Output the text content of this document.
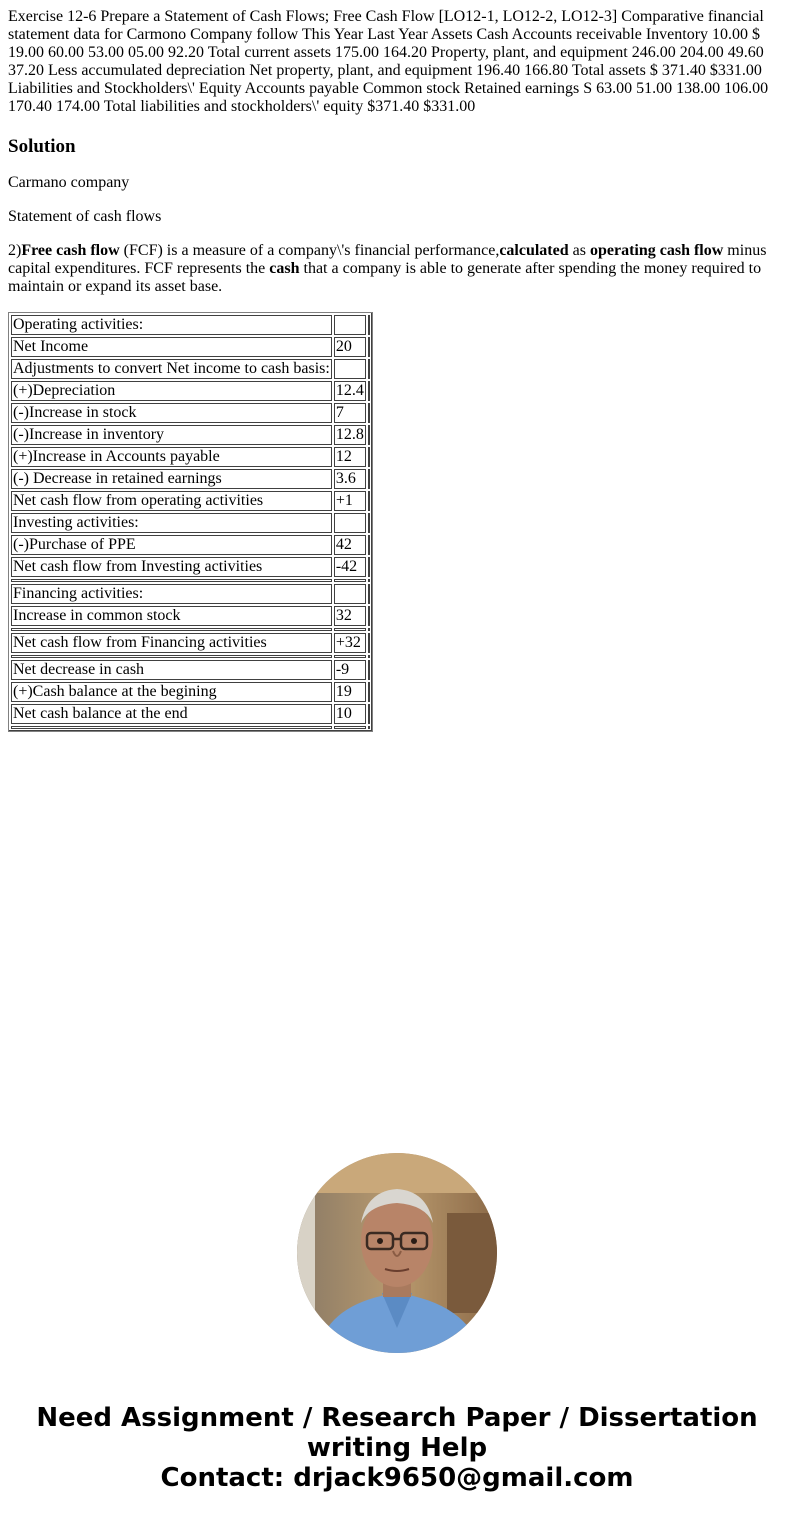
Exercise 12-6 Prepare a Statement of Cash Flows; Free Cash Flow [LO12-1, LO12-2, LO12-3] Comparative financial statement data for Carmono Company follow This Year Last Year Assets Cash Accounts receivable Inventory 10.00 $ 19.00 60.00 53.00 05.00 92.20 Total current assets 175.00 164.20 Property, plant, and equipment 246.00 204.00 49.60 37.20 Less accumulated depreciation Net property, plant, and equipment 196.40 166.80 Total assets $ 371.40 $331.00 Liabilities and Stockholders\' Equity Accounts payable Common stock Retained earnings S 63.00 51.00 138.00 106.00 170.40 174.00 Total liabilities and stockholders\' equity $371.40 $331.00
Solution

Carmano company

Statement of cash flows

2)Free cash flow (FCF) is a measure of a company\'s financial performance,calculated as operating cash flow minus capital expenditures. FCF represents the cash that a company is able to generate after spending the money required to maintain or expand its asset base.

Operating activities:		
Net Income	20	
Adjustments to convert Net income to cash basis:		
(+)Depreciation	12.4	
(-)Increase in stock	7	
(-)Increase in inventory	12.8	
(+)Increase in Accounts payable	12	
(-) Decrease in retained earnings	3.6	
Net cash flow from operating activities	+1	
Investing activities:		
(-)Purchase of PPE	42	
Net cash flow from Investing activities	-42	

Financing activities:		
Increase in common stock	32	

Net cash flow from Financing activities	+32	

Net decrease in cash	-9	
(+)Cash balance at the begining	19	
Net cash balance at the end	10	

Need Assignment / Research Paper / Dissertation
writing Help
Contact: drjack9650@gmail.com
